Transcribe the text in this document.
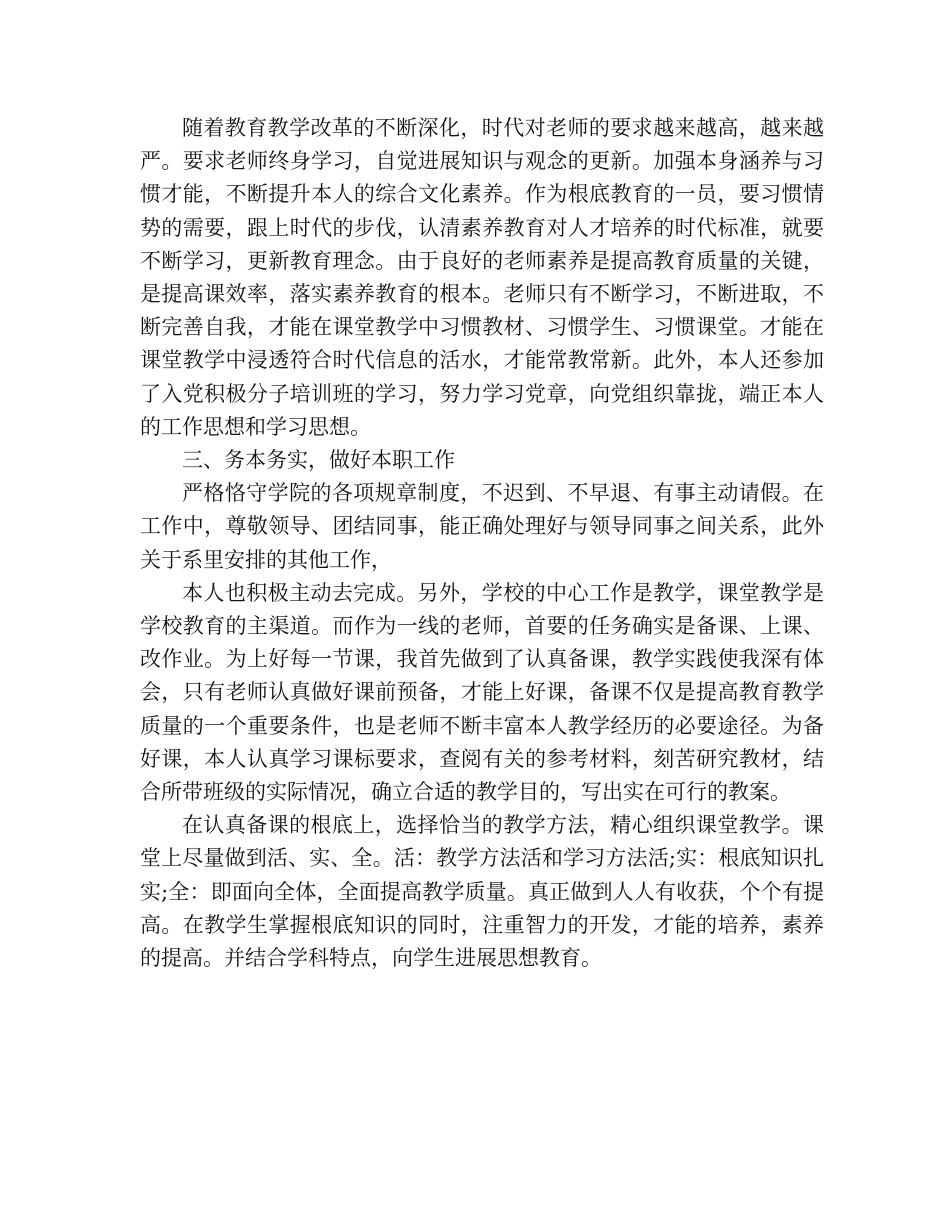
随着教育教学改革的不断深化，时代对老师的要求越来越高，越来越严。要求老师终身学习，自觉进展知识与观念的更新。加强本身涵养与习惯才能，不断提升本人的综合文化素养。作为根底教育的一员，要习惯情势的需要，跟上时代的步伐，认清素养教育对人才培养的时代标准，就要不断学习，更新教育理念。由于良好的老师素养是提高教育质量的关键，是提高课效率，落实素养教育的根本。老师只有不断学习，不断进取，不断完善自我，才能在课堂教学中习惯教材、习惯学生、习惯课堂。才能在课堂教学中浸透符合时代信息的活水，才能常教常新。此外，本人还参加了入党积极分子培训班的学习，努力学习党章，向党组织靠拢，端正本人的工作思想和学习思想。

三、务本务实，做好本职工作

严格恪守学院的各项规章制度，不迟到、不早退、有事主动请假。在工作中，尊敬领导、团结同事，能正确处理好与领导同事之间关系，此外关于系里安排的其他工作，

本人也积极主动去完成。另外，学校的中心工作是教学，课堂教学是学校教育的主渠道。而作为一线的老师，首要的任务确实是备课、上课、改作业。为上好每一节课，我首先做到了认真备课，教学实践使我深有体会，只有老师认真做好课前预备，才能上好课，备课不仅是提高教育教学质量的一个重要条件，也是老师不断丰富本人教学经历的必要途径。为备好课，本人认真学习课标要求，查阅有关的参考材料，刻苦研究教材，结合所带班级的实际情况，确立合适的教学目的，写出实在可行的教案。

在认真备课的根底上，选择恰当的教学方法，精心组织课堂教学。课堂上尽量做到活、实、全。活：教学方法活和学习方法活;实：根底知识扎实;全：即面向全体，全面提高教学质量。真正做到人人有收获，个个有提高。在教学生掌握根底知识的同时，注重智力的开发，才能的培养，素养的提高。并结合学科特点，向学生进展思想教育。
